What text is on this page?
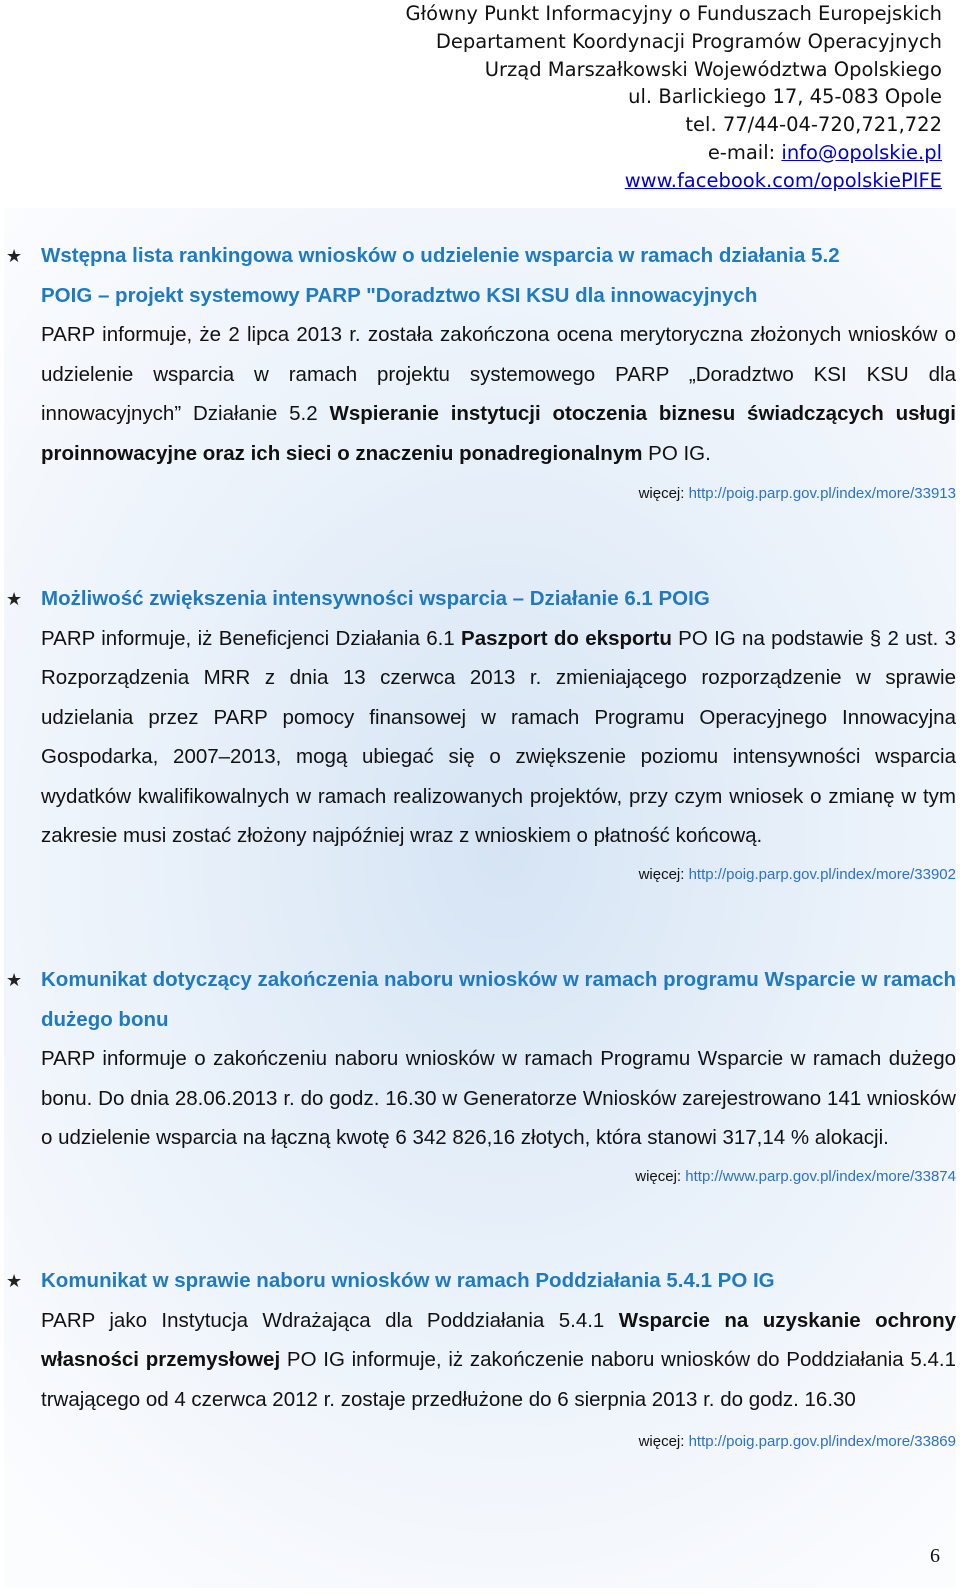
Główny Punkt Informacyjny o Funduszach Europejskich
Departament Koordynacji Programów Operacyjnych
Urząd Marszałkowski Województwa Opolskiego
ul. Barlickiego 17, 45-083 Opole
tel. 77/44-04-720,721,722
e-mail: info@opolskie.pl
www.facebook.com/opolskiePIFE
★ Wstępna lista rankingowa wniosków o udzielenie wsparcia w ramach działania 5.2
POIG – projekt systemowy PARP "Doradztwo KSI KSU dla innowacyjnych

PARP informuje, że 2 lipca 2013 r. została zakończona ocena merytoryczna złożonych wniosków o udzielenie wsparcia w ramach projektu systemowego PARP „Doradztwo KSI KSU dla innowacyjnych” Działanie 5.2 Wspieranie instytucji otoczenia biznesu świadczących usługi proinnowacyjne oraz ich sieci o znaczeniu ponadregionalnym PO IG.

więcej: http://poig.parp.gov.pl/index/more/33913

★ Możliwość zwiększenia intensywności wsparcia – Działanie 6.1 POIG

PARP informuje, iż Beneficjenci Działania 6.1 Paszport do eksportu PO IG na podstawie § 2 ust. 3 Rozporządzenia MRR z dnia 13 czerwca 2013 r. zmieniającego rozporządzenie w sprawie udzielania przez PARP pomocy finansowej w ramach Programu Operacyjnego Innowacyjna Gospodarka, 2007–2013, mogą ubiegać się o zwiększenie poziomu intensywności wsparcia wydatków kwalifikowalnych w ramach realizowanych projektów, przy czym wniosek o zmianę w tym zakresie musi zostać złożony najpóźniej wraz z wnioskiem o płatność końcową.

więcej: http://poig.parp.gov.pl/index/more/33902

★ Komunikat dotyczący zakończenia naboru wniosków w ramach programu Wsparcie w ramach dużego bonu

PARP informuje o zakończeniu naboru wniosków w ramach Programu Wsparcie w ramach dużego bonu. Do dnia 28.06.2013 r. do godz. 16.30 w Generatorze Wniosków zarejestrowano 141 wniosków o udzielenie wsparcia na łączną kwotę 6 342 826,16 złotych, która stanowi 317,14 % alokacji.

więcej: http://www.parp.gov.pl/index/more/33874

★ Komunikat w sprawie naboru wniosków w ramach Poddziałania 5.4.1 PO IG

PARP jako Instytucja Wdrażająca dla Poddziałania 5.4.1 Wsparcie na uzyskanie ochrony własności przemysłowej PO IG informuje, iż zakończenie naboru wniosków do Poddziałania 5.4.1 trwającego od 4 czerwca 2012 r. zostaje przedłużone do 6 sierpnia 2013 r. do godz. 16.30

więcej: http://poig.parp.gov.pl/index/more/33869

6
